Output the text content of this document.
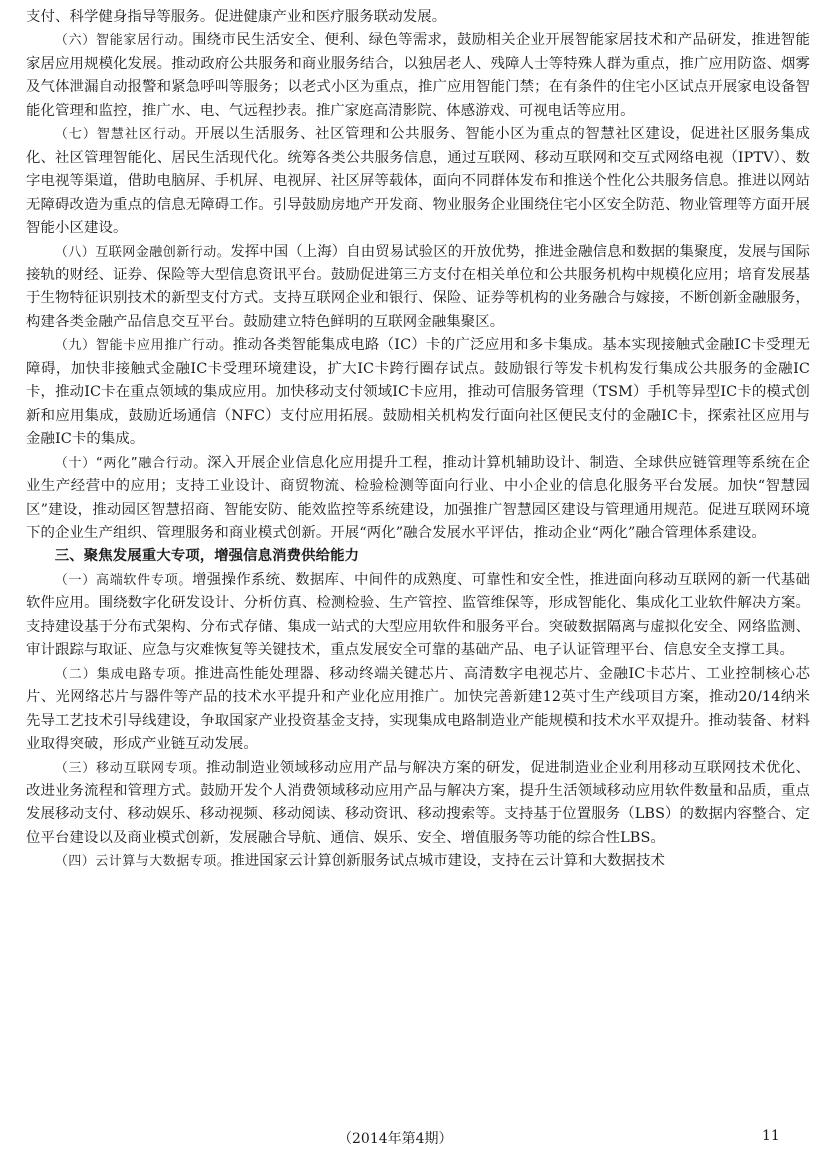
支付、科学健身指导等服务。促进健康产业和医疗服务联动发展。

（六）智能家居行动。围绕市民生活安全、便利、绿色等需求，鼓励相关企业开展智能家居技术和产品研发，推进智能家居应用规模化发展。推动政府公共服务和商业服务结合，以独居老人、残障人士等特殊人群为重点，推广应用防盗、烟雾及气体泄漏自动报警和紧急呼叫等服务；以老式小区为重点，推广应用智能门禁；在有条件的住宅小区试点开展家电设备智能化管理和监控，推广水、电、气远程抄表。推广家庭高清影院、体感游戏、可视电话等应用。

（七）智慧社区行动。开展以生活服务、社区管理和公共服务、智能小区为重点的智慧社区建设，促进社区服务集成化、社区管理智能化、居民生活现代化。统筹各类公共服务信息，通过互联网、移动互联网和交互式网络电视（IPTV）、数字电视等渠道，借助电脑屏、手机屏、电视屏、社区屏等载体，面向不同群体发布和推送个性化公共服务信息。推进以网站无障碍改造为重点的信息无障碍工作。引导鼓励房地产开发商、物业服务企业围绕住宅小区安全防范、物业管理等方面开展智能小区建设。

（八）互联网金融创新行动。发挥中国（上海）自由贸易试验区的开放优势，推进金融信息和数据的集聚度，发展与国际接轨的财经、证券、保险等大型信息资讯平台。鼓励促进第三方支付在相关单位和公共服务机构中规模化应用；培育发展基于生物特征识别技术的新型支付方式。支持互联网企业和银行、保险、证券等机构的业务融合与嫁接，不断创新金融服务，构建各类金融产品信息交互平台。鼓励建立特色鲜明的互联网金融集聚区。

（九）智能卡应用推广行动。推动各类智能集成电路（IC）卡的广泛应用和多卡集成。基本实现接触式金融IC卡受理无障碍，加快非接触式金融IC卡受理环境建设，扩大IC卡跨行圈存试点。鼓励银行等发卡机构发行集成公共服务的金融IC卡，推动IC卡在重点领域的集成应用。加快移动支付领域IC卡应用，推动可信服务管理（TSM）手机等异型IC卡的模式创新和应用集成，鼓励近场通信（NFC）支付应用拓展。鼓励相关机构发行面向社区便民支付的金融IC卡，探索社区应用与金融IC卡的集成。

（十）“两化”融合行动。深入开展企业信息化应用提升工程，推动计算机辅助设计、制造、全球供应链管理等系统在企业生产经营中的应用；支持工业设计、商贸物流、检验检测等面向行业、中小企业的信息化服务平台发展。加快“智慧园区”建设，推动园区智慧招商、智能安防、能效监控等系统建设，加强推广智慧园区建设与管理通用规范。促进互联网环境下的企业生产组织、管理服务和商业模式创新。开展“两化”融合发展水平评估，推动企业“两化”融合管理体系建设。

三、聚焦发展重大专项，增强信息消费供给能力

（一）高端软件专项。增强操作系统、数据库、中间件的成熟度、可靠性和安全性，推进面向移动互联网的新一代基础软件应用。围绕数字化研发设计、分析仿真、检测检验、生产管控、监管维保等，形成智能化、集成化工业软件解决方案。支持建设基于分布式架构、分布式存储、集成一站式的大型应用软件和服务平台。突破数据隔离与虚拟化安全、网络监测、审计跟踪与取证、应急与灾难恢复等关键技术，重点发展安全可靠的基础产品、电子认证管理平台、信息安全支撑工具。

（二）集成电路专项。推进高性能处理器、移动终端关键芯片、高清数字电视芯片、金融IC卡芯片、工业控制核心芯片、光网络芯片与器件等产品的技术水平提升和产业化应用推广。加快完善新建12英寸生产线项目方案，推动20/14纳米先导工艺技术引导线建设，争取国家产业投资基金支持，实现集成电路制造业产能规模和技术水平双提升。推动装备、材料业取得突破，形成产业链互动发展。

（三）移动互联网专项。推动制造业领域移动应用产品与解决方案的研发，促进制造业企业利用移动互联网技术优化、改进业务流程和管理方式。鼓励开发个人消费领域移动应用产品与解决方案，提升生活领域移动应用软件数量和品质，重点发展移动支付、移动娱乐、移动视频、移动阅读、移动资讯、移动搜索等。支持基于位置服务（LBS）的数据内容整合、定位平台建设以及商业模式创新，发展融合导航、通信、娱乐、安全、增值服务等功能的综合性LBS。

（四）云计算与大数据专项。推进国家云计算创新服务试点城市建设，支持在云计算和大数据技术

（2014年第4期）	11
